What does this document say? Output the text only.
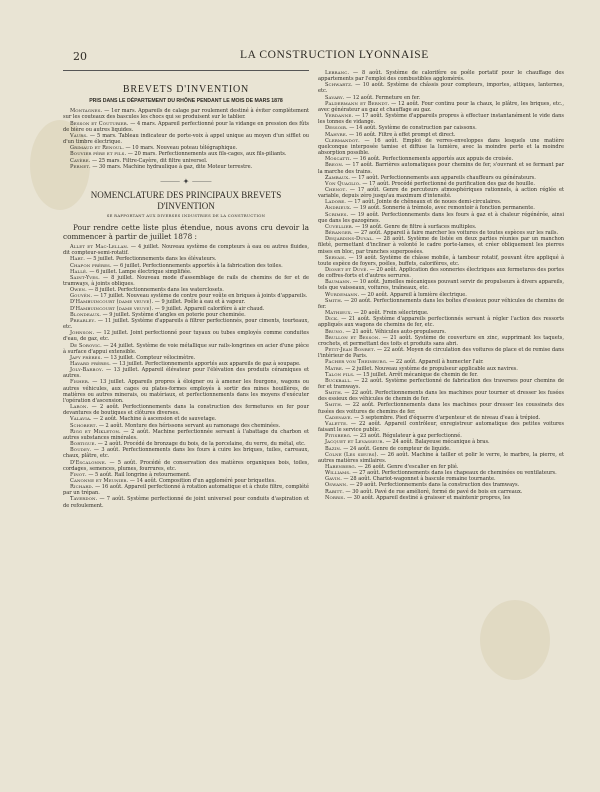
20	LA CONSTRUCTION LYONNAISE
BREVETS D'INVENTION
PRIS DANS LE DÉPARTEMENT DU RHÔNE PENDANT LE MOIS DE MARS 1878

Montagnes. — 1er mars. Appareils de calage par roulement destiné à éviter complètement sur les couteaux des bascules les chocs qui se produisent sur le tablier.

Besson et Couturier. — 4 mars. Appareil perfectionné pour la vidange en pression des fûts de bière ou autres liquides.

Vaurs. — 5 mars. Tableau indicateur de porte-voix à appel unique au moyen d'un sifflet ou d'un timbre électrique.

Grimaud et Renoul. — 10 mars. Nouveau poteau télégraphique.

Bouvier père et fils. — 20 mars. Perfectionnements aux fils-cages, aux fils-piliants.

Cayère. — 25 mars. Filtre-Cayère, dit filtre universel.

Pernet. — 30 mars. Machine hydraulique à gaz, dite Moteur terrestre.

⸻ ✦ ⸻
NOMENCLATURE DES PRINCIPAUX BREVETS D'INVENTION
SE RAPPORTANT AUX DIVERSES INDUSTRIES DE LA CONSTRUCTION
Pour rendre cette liste plus étendue, nous avons cru devoir la commencer à partir de juillet 1878 :

Allet et Mac-Lellan. — 4 juillet. Nouveau système de compteurs à eau ou autres fluides, dit compteur-semi-rotatif.

Hart. — 5 juillet. Perfectionnements dans les élévateurs.

Chapon frères. — 6 juillet. Perfectionnements apportés à la fabrication des toiles.

Hallé. — 6 juillet. Lampe électrique simplifiée.

Saint-Yves. — 8 juillet. Nouveau mode d'assemblage de rails de chemins de fer et de tramways, à joints obliques.

Owen. — 8 juillet. Perfectionnements dans les waterclosets.

Gouyèn. — 17 juillet. Nouveau système de contre pour voûte en briques à joints d'appareils.

D'Hambuincourt (dame veuve). — 9 juillet. Poêle à eau et à vapeur.

D'Hambuincourt (dame veuve). — 9 juillet. Appareil calorifère à air chaud.

Blondeaux. — 9 juillet. Système d'angles en poterie pour cheminée.

Prearley. — 11 juillet. Système d'appareils à filtrer perfectionnés, pour ciments, tourteaux, etc.

Johnson. — 12 juillet. Joint perfectionné pour tuyaux ou tubes employés comme conduites d'eau, de gaz, etc.

De Sorovic. — 24 juillet. Système de voie métallique sur rails-longrines en acier d'une pièce à surface d'appui extensible.

Jafy frères. — 13 juillet. Compteur vélocimètre.

Havard frères. — 13 juillet. Perfectionnements apportés aux appareils de gaz à soupape.

Joly-Barboy. — 13 juillet. Appareil élévateur pour l'élévation des produits céramiques et autres.

Fisher. — 13 juillet. Appareils propres à éloigner ou à amener les fourgons, wagons ou autres véhicules, aux cages ou plates-formes employés à sortir des mines houillères, de matières ou autres minerais, ou matériaux, et perfectionnements dans les moyens d'exécuter l'opération d'ascension.

Laron. — 2 août. Perfectionnements dans la construction des fermetures en fer pour devantures de boutiques et clôtures diverses.

Valavia. — 2 août. Machine à ascension et de sauvetage.

Schobert. — 2 août. Monture des hérissons servant au ramonage des cheminées.

Rigg et Mikleton. — 2 août. Machine perfectionnée servant à l'abattage du charbon et autres substances minérales.

Bortigue. — 2 août. Procédé de bronzage du bois, de la porcelaine, du verre, du métal, etc.

Boudey. — 3 août. Perfectionnements dans les fours à cuire les briques, tuiles, carreaux, chaux, plâtre, etc.

D'Escalonne. — 5 août. Procédé de conservation des matières organiques bois, toiles, cordages, semences, plumes, fourrures, etc.

Finot. — 5 août. Rail longrine à retournement.

Canonne et Meunier. — 14 août. Composition d'un aggloméré pour briquettes.

Richard. — 16 août. Appareil perfectionné à rotation automatique et à chute filtre, complété par un trépan.

Taverdon. — 7 août. Système perfectionné de joint universel pour conduits d'aspiration et de refoulement.

Lebranc. — 8 août. Système de calorifère ou poêle portatif pour le chauffage des appartements par l'emploi des combustibles agglomérés.

Schwartz. — 10 août. Système de châssis pour compteurs, importes, attiques, lanternes, etc.

Savary. — 12 août. Fermeture en fer.

Paldermann et Berndt. — 12 août. Four continu pour la chaux, le plâtre, les briques, etc., avec générateur au gaz et chauffage au gaz.

Verdanne. — 17 août. Système d'appareils propres à effectuer instantanément le vide dans les tonnes de vidange.

Dessoir. — 14 août. Système de construction par caissons.

Mahyre. — 16 août. Filtre à effet prompt et direct.

Clermandot. — 16 août. Emploi de verres-enveloppes dans lesquels une matière quelconque interposée tamise et diffuse la lumière, avec la moindre perte et la moindre absorption possible.

Moscatti. — 16 août. Perfectionnements apportés aux appuis de croisée.

Breon. — 17 août. Barrières automatiques pour chemins de fer, s'ouvrant et se fermant par la marche des trains.

Zambaux. — 17 août. Perfectionnements aux appareils chauffeurs ou générateurs.

Von Quaglio. — 17 août. Procédé perfectionné de purification des gaz de houille.

Chenot. — 17 août. Genre de percuteurs atmosphériques rationnels, à action réglée et variable, depuis zéro jusqu'au maximum d'intensité.

Ladore. — 17 août. Jointe de chêneaux et de noues demi-circulaires.

Andrieux. — 19 août. Sonnerie à trémolo, avec remontoir à fonction permanente.

Scrimes. — 19 août. Perfectionnements dans les fours à gaz et à chaleur régénérée, ainsi que dans les gazogènes.

Cuvellier. — 19 août. Genre de filtre à surfaces multiples.

Béranger. — 27 août. Appareil à faire marcher les voitures de toutes espèces sur les rails.

Desjardins-Duval. — 28 août. Système de listée en deux parties réunies par un manchon fileté, permettant d'incliner à volonté le cadre porte-lames, et créer obliquement les pierres mises en bloc, par tranches superposées.

Servais. — 19 août. Système de châsse mobile, à tambour rotatif, pouvant être appliqué à toute espèce de foyers, poêles, buffets, calorifères, etc.

Dionet et Duvé. — 20 août. Application des sonneries électriques aux fermetures des portes de coffres-forts et d'autres serrures.

Baumann. — 10 août. Jumelles mécaniques pouvant servir de propulseurs à divers appareils, tels que vaisseaux, voitures, traîneaux, etc.

Wurdemann. — 20 août. Appareil à lumière électrique.

Smith. — 20 août. Perfectionnements dans les boîtes d'essieux pour véhicules de chemins de fer.

Mathieux. — 20 août. Frein sélectrique.

Dick. — 21 août. Système d'appareils perfectionnés servant à régler l'action des ressorts appliqués aux wagons de chemins de fer, etc.

Bruno. — 21 août. Véhicules auto-propulseurs.

Brullon et Besson. — 21 août. Système de couverture en zinc, supprimant les taquets, crochets, et permettant des toits et produits sans abri.

Petit-Jean Bonret. — 22 août. Moyen de circulation des voitures de place et de remise dans l'intérieur de Paris.

Pacher von Theinburg. — 22 août. Appareil à humecter l'air.

Matre. — 2 juillet. Nouveau système de propulseur applicable aux navires.

Talon fils. — 15 juillet. Arrêt mécanique de chemin de fer.

Buckball. — 22 août. Système perfectionné de fabrication des traverses pour chemins de fer et tramways.

Smith. — 22 août. Perfectionnements dans les machines pour tourner et dresser les fusées des essieux des véhicules de chemin de fer.

Smith. — 22 août. Perfectionnements dans les machines pour dresser les coussinets des fusées des voitures de chemins de fer.

Cadenave. — 3 septembre. Pied d'équerre d'arpenteur et de niveau d'eau à trépied.

Valette. — 22 août. Appareil contrôleur, enregistreur automatique des petites voitures faisant le service public.

Pitisberg. — 23 août. Régulateur à gaz perfectionné.

Jacquet et Levasseur. — 24 août. Balayeuse mécanique à bras.

Bazin. — 24 août. Genre de compteur de liquide.

Colne (Les sieurs). — 26 août. Machine à tailler et polir le verre, le marbre, la pierre, et autres matières similaires.

Habenberg. — 26 août. Genre d'escalier en fer plié.

Williams. — 27 août. Perfectionnements dans les chapeaux de cheminées ou ventilateurs.

Gavin. — 28 août. Chariot-wagonnet à bascule romaine tournante.

Oswann. — 29 août. Perfectionnements dans la construction des tramways.

Rabitt. — 30 août. Pavé de rue amélioré, formé de pavé de bois en carreaux.

Norris. — 30 août. Appareil destiné à graisser et maintenir propres, les
